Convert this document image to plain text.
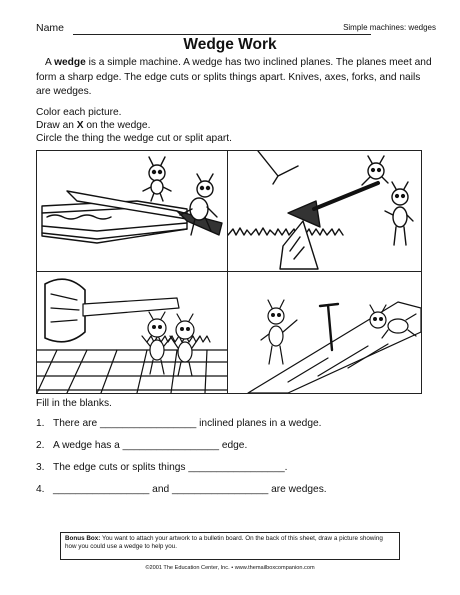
Name	Simple machines: wedges
Wedge Work

A wedge is a simple machine. A wedge has two inclined planes. The planes meet and form a sharp edge. The edge cuts or splits things apart. Knives, axes, forks, and nails are wedges.

Color each picture.
Draw an X on the wedge.
Circle the thing the wedge cut or split apart.
Fill in the blanks.
1. There are _________________ inclined planes in a wedge.
2. A wedge has a _________________ edge.
3. The edge cuts or splits things _________________.
4. _________________ and _________________ are wedges.
Bonus Box: You want to attach your artwork to a bulletin board. On the back of this sheet, draw a picture showing how you could use a wedge to help you.
©2001 The Education Center, Inc. • www.themailboxcompanion.com
